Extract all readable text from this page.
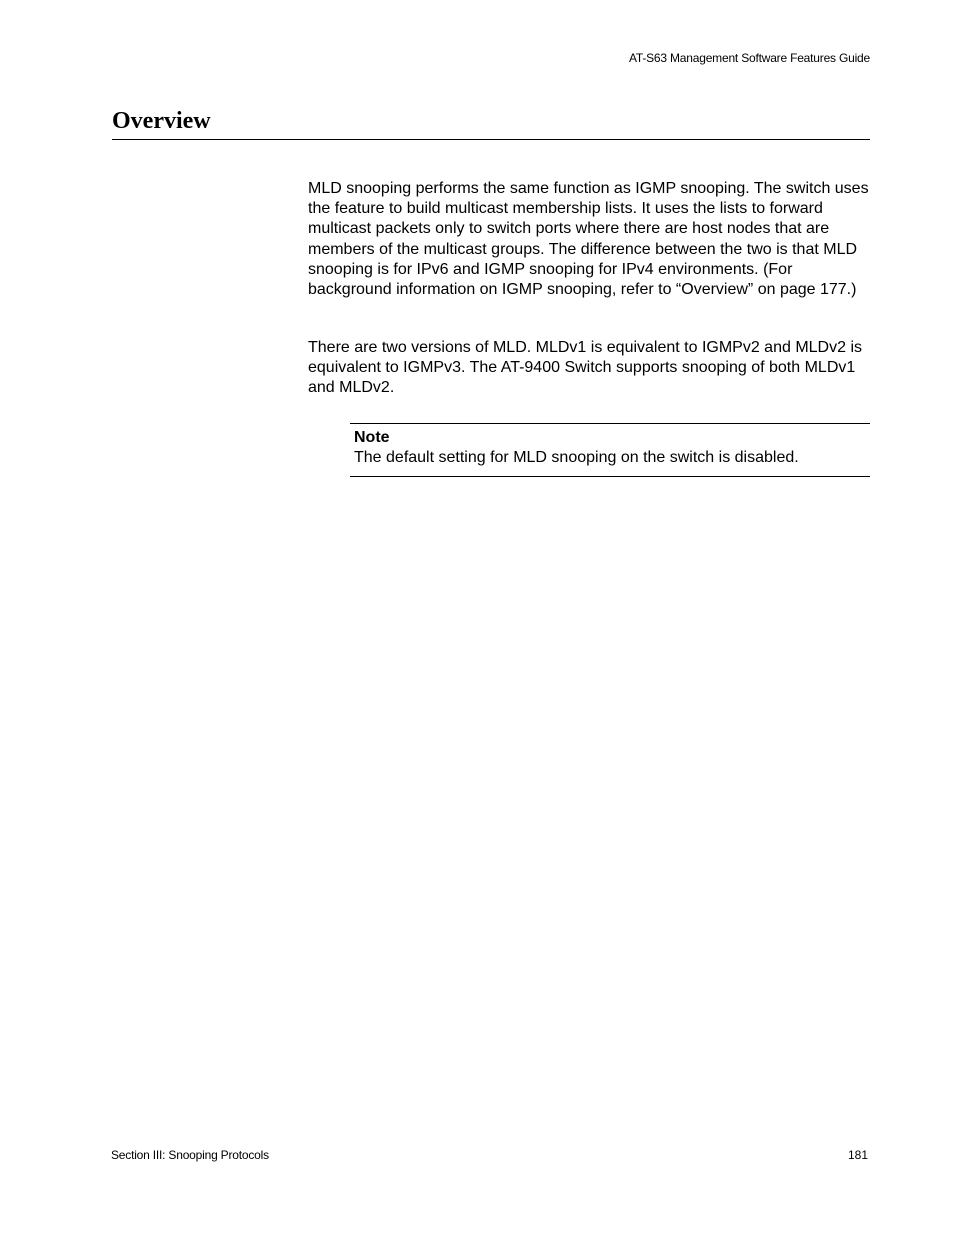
AT-S63 Management Software Features Guide
Overview

MLD snooping performs the same function as IGMP snooping. The switch uses the feature to build multicast membership lists. It uses the lists to forward multicast packets only to switch ports where there are host nodes that are members of the multicast groups. The difference between the two is that MLD snooping is for IPv6 and IGMP snooping for IPv4 environments. (For background information on IGMP snooping, refer to “Overview” on page 177.)

There are two versions of MLD. MLDv1 is equivalent to IGMPv2 and MLDv2 is equivalent to IGMPv3. The AT-9400 Switch supports snooping of both MLDv1 and MLDv2.

Note
The default setting for MLD snooping on the switch is disabled.
Section III: Snooping Protocols	181
